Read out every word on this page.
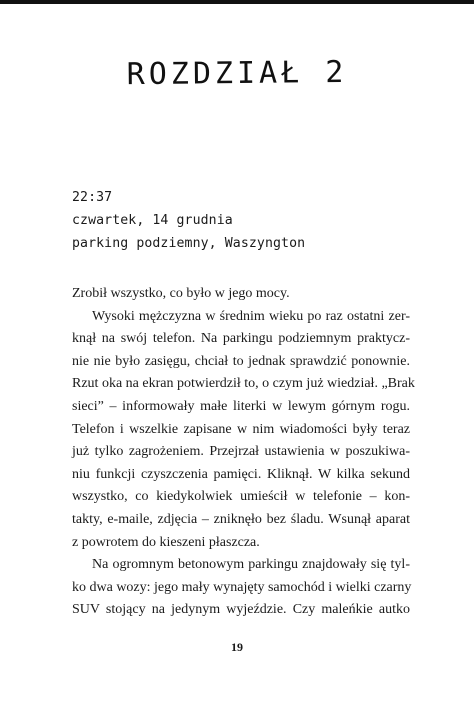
ROZDZIAŁ 2
22:37
czwartek, 14 grudnia
parking podziemny, Waszyngton
Zrobił wszystko, co było w jego mocy.
Wysoki mężczyzna w średnim wieku po raz ostatni zer-
knął na swój telefon. Na parkingu podziemnym praktycz-
nie nie było zasięgu, chciał to jednak sprawdzić ponownie.
Rzut oka na ekran potwierdził to, o czym już wiedział. „Brak
sieci” – informowały małe literki w lewym górnym rogu.
Telefon i wszelkie zapisane w nim wiadomości były teraz
już tylko zagrożeniem. Przejrzał ustawienia w poszukiwa-
niu funkcji czyszczenia pamięci. Kliknął. W kilka sekund
wszystko, co kiedykolwiek umieścił w telefonie – kon-
takty, e-maile, zdjęcia – zniknęło bez śladu. Wsunął aparat
z powrotem do kieszeni płaszcza.
Na ogromnym betonowym parkingu znajdowały się tyl-
ko dwa wozy: jego mały wynajęty samochód i wielki czarny
SUV stojący na jedynym wyjeździe. Czy maleńkie autko
19
